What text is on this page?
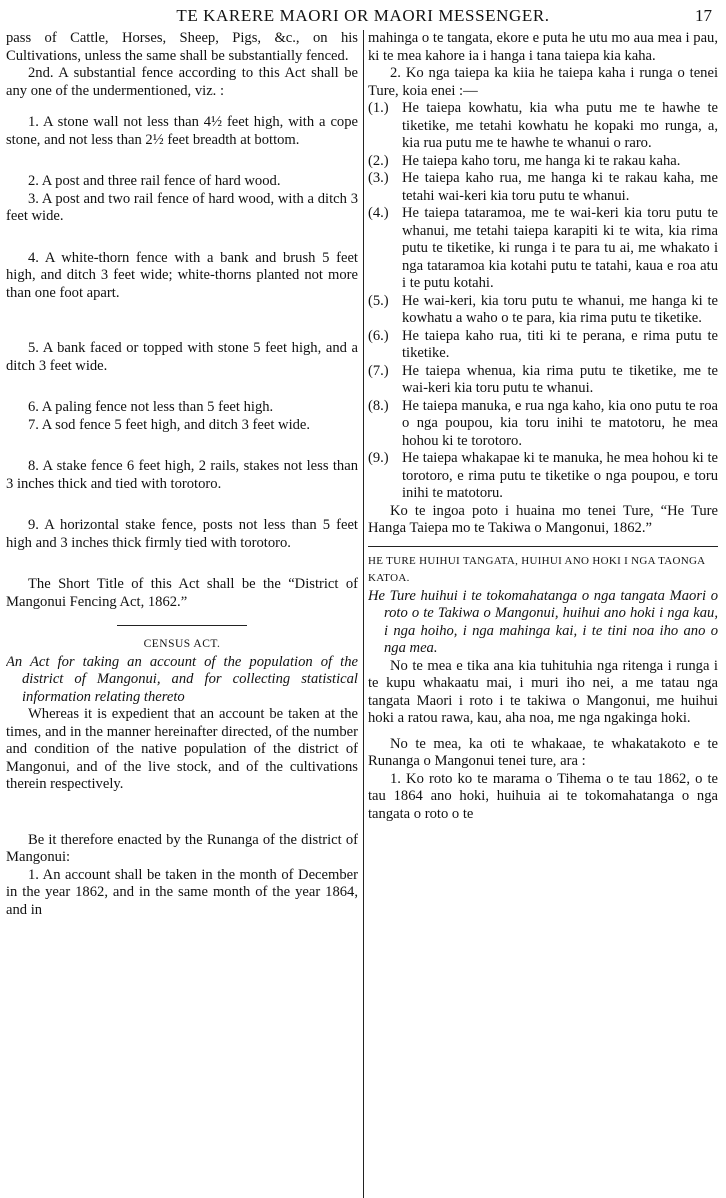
TE KARERE MAORI OR MAORI MESSENGER.	17

pass of Cattle, Horses, Sheep, Pigs, &c., on his Cultivations, unless the same shall be substantially fenced.

2nd. A substantial fence according to this Act shall be any one of the undermentioned, viz. :

1. A stone wall not less than 4½ feet high, with a cope stone, and not less than 2½ feet breadth at bottom.

2. A post and three rail fence of hard wood.

3. A post and two rail fence of hard wood, with a ditch 3 feet wide.

4. A white-thorn fence with a bank and brush 5 feet high, and ditch 3 feet wide; white-thorns planted not more than one foot apart.

5. A bank faced or topped with stone 5 feet high, and a ditch 3 feet wide.

6. A paling fence not less than 5 feet high.

7. A sod fence 5 feet high, and ditch 3 feet wide.

8. A stake fence 6 feet high, 2 rails, stakes not less than 3 inches thick and tied with torotoro.

9. A horizontal stake fence, posts not less than 5 feet high and 3 inches thick firmly tied with torotoro.

The Short Title of this Act shall be the “District of Mangonui Fencing Act, 1862.”

CENSUS ACT.

An Act for taking an account of the population of the district of Mangonui, and for collecting statistical information relating thereto

Whereas it is expedient that an account be taken at the times, and in the manner hereinafter directed, of the number and condition of the native population of the district of Mangonui, and of the live stock, and of the cultivations therein respectively.

Be it therefore enacted by the Runanga of the district of Mangonui:

1. An account shall be taken in the month of December in the year 1862, and in the same month of the year 1864, and in

mahinga o te tangata, ekore e puta he utu mo aua mea i pau, ki te mea kahore ia i hanga i tana taiepa kia kaha.

2. Ko nga taiepa ka kiia he taiepa kaha i runga o tenei Ture, koia enei :—

(1.) He taiepa kowhatu, kia wha putu me te hawhe te tiketike, me tetahi kowhatu he kopaki mo runga, a, kia rua putu me te hawhe te whanui o raro.
(2.) He taiepa kaho toru, me hanga ki te rakau kaha.
(3.) He taiepa kaho rua, me hanga ki te rakau kaha, me tetahi wai-keri kia toru putu te whanui.
(4.) He taiepa tataramoa, me te wai-keri kia toru putu te whanui, me tetahi taiepa karapiti ki te wita, kia rima putu te tiketike, ki runga i te para tu ai, me whakato i nga tataramoa kia kotahi putu te tatahi, kaua e roa atu i te putu kotahi.
(5.) He wai-keri, kia toru putu te whanui, me hanga ki te kowhatu a waho o te para, kia rima putu te tiketike.
(6.) He taiepa kaho rua, titi ki te perana, e rima putu te tiketike.
(7.) He taiepa whenua, kia rima putu te tiketike, me te wai-keri kia toru putu te whanui.
(8.) He taiepa manuka, e rua nga kaho, kia ono putu te roa o nga poupou, kia toru inihi te matotoru, he mea hohou ki te torotoro.
(9.) He taiepa whakapae ki te manuka, he mea hohou ki te torotoro, e rima putu te tiketike o nga poupou, e toru inihi te matotoru.

Ko te ingoa poto i huaina mo tenei Ture, “He Ture Hanga Taiepa mo te Takiwa o Mangonui, 1862.”

HE TURE HUIHUI TANGATA, HUIHUI ANO HOKI I NGA TAONGA KATOA.

He Ture huihui i te tokomahatanga o nga tangata Maori o roto o te Takiwa o Mangonui, huihui ano hoki i nga kau, i nga hoiho, i nga mahinga kai, i te tini noa iho ano o nga mea.

No te mea e tika ana kia tuhituhia nga ritenga i runga i te kupu whakaatu mai, i muri iho nei, a me tatau nga tangata Maori i roto i te takiwa o Mangonui, me huihui hoki a ratou rawa, kau, aha noa, me nga ngakinga hoki.

No te mea, ka oti te whakaae, te whakatakoto e te Runanga o Mangonui tenei ture, ara :

1. Ko roto ko te marama o Tihema o te tau 1862, o te tau 1864 ano hoki, huihuia ai te tokomahatanga o nga tangata o roto o te
